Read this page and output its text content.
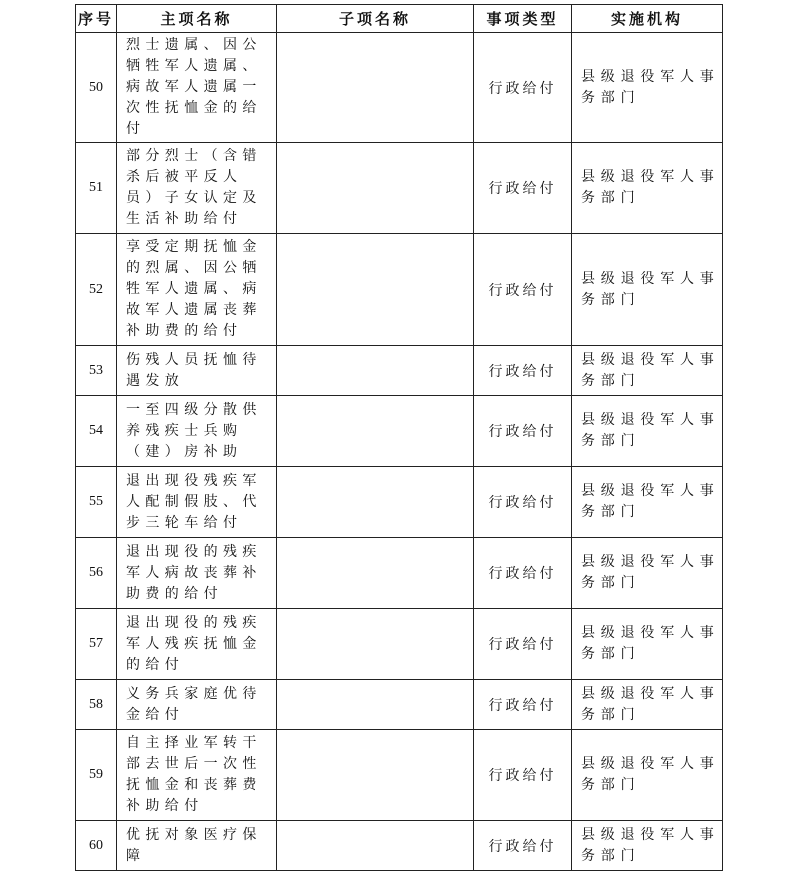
序号	主项名称	子项名称	事项类型	实施机构
50	烈士遗属、因公牺牲军人遗属、病故军人遗属一次性抚恤金的给付		行政给付	县级退役军人事务部门
51	部分烈士（含错杀后被平反人员）子女认定及生活补助给付		行政给付	县级退役军人事务部门
52	享受定期抚恤金的烈属、因公牺牲军人遗属、病故军人遗属丧葬补助费的给付		行政给付	县级退役军人事务部门
53	伤残人员抚恤待遇发放		行政给付	县级退役军人事务部门
54	一至四级分散供养残疾士兵购（建）房补助		行政给付	县级退役军人事务部门
55	退出现役残疾军人配制假肢、代步三轮车给付		行政给付	县级退役军人事务部门
56	退出现役的残疾军人病故丧葬补助费的给付		行政给付	县级退役军人事务部门
57	退出现役的残疾军人残疾抚恤金的给付		行政给付	县级退役军人事务部门
58	义务兵家庭优待金给付		行政给付	县级退役军人事务部门
59	自主择业军转干部去世后一次性抚恤金和丧葬费补助给付		行政给付	县级退役军人事务部门
60	优抚对象医疗保障		行政给付	县级退役军人事务部门
